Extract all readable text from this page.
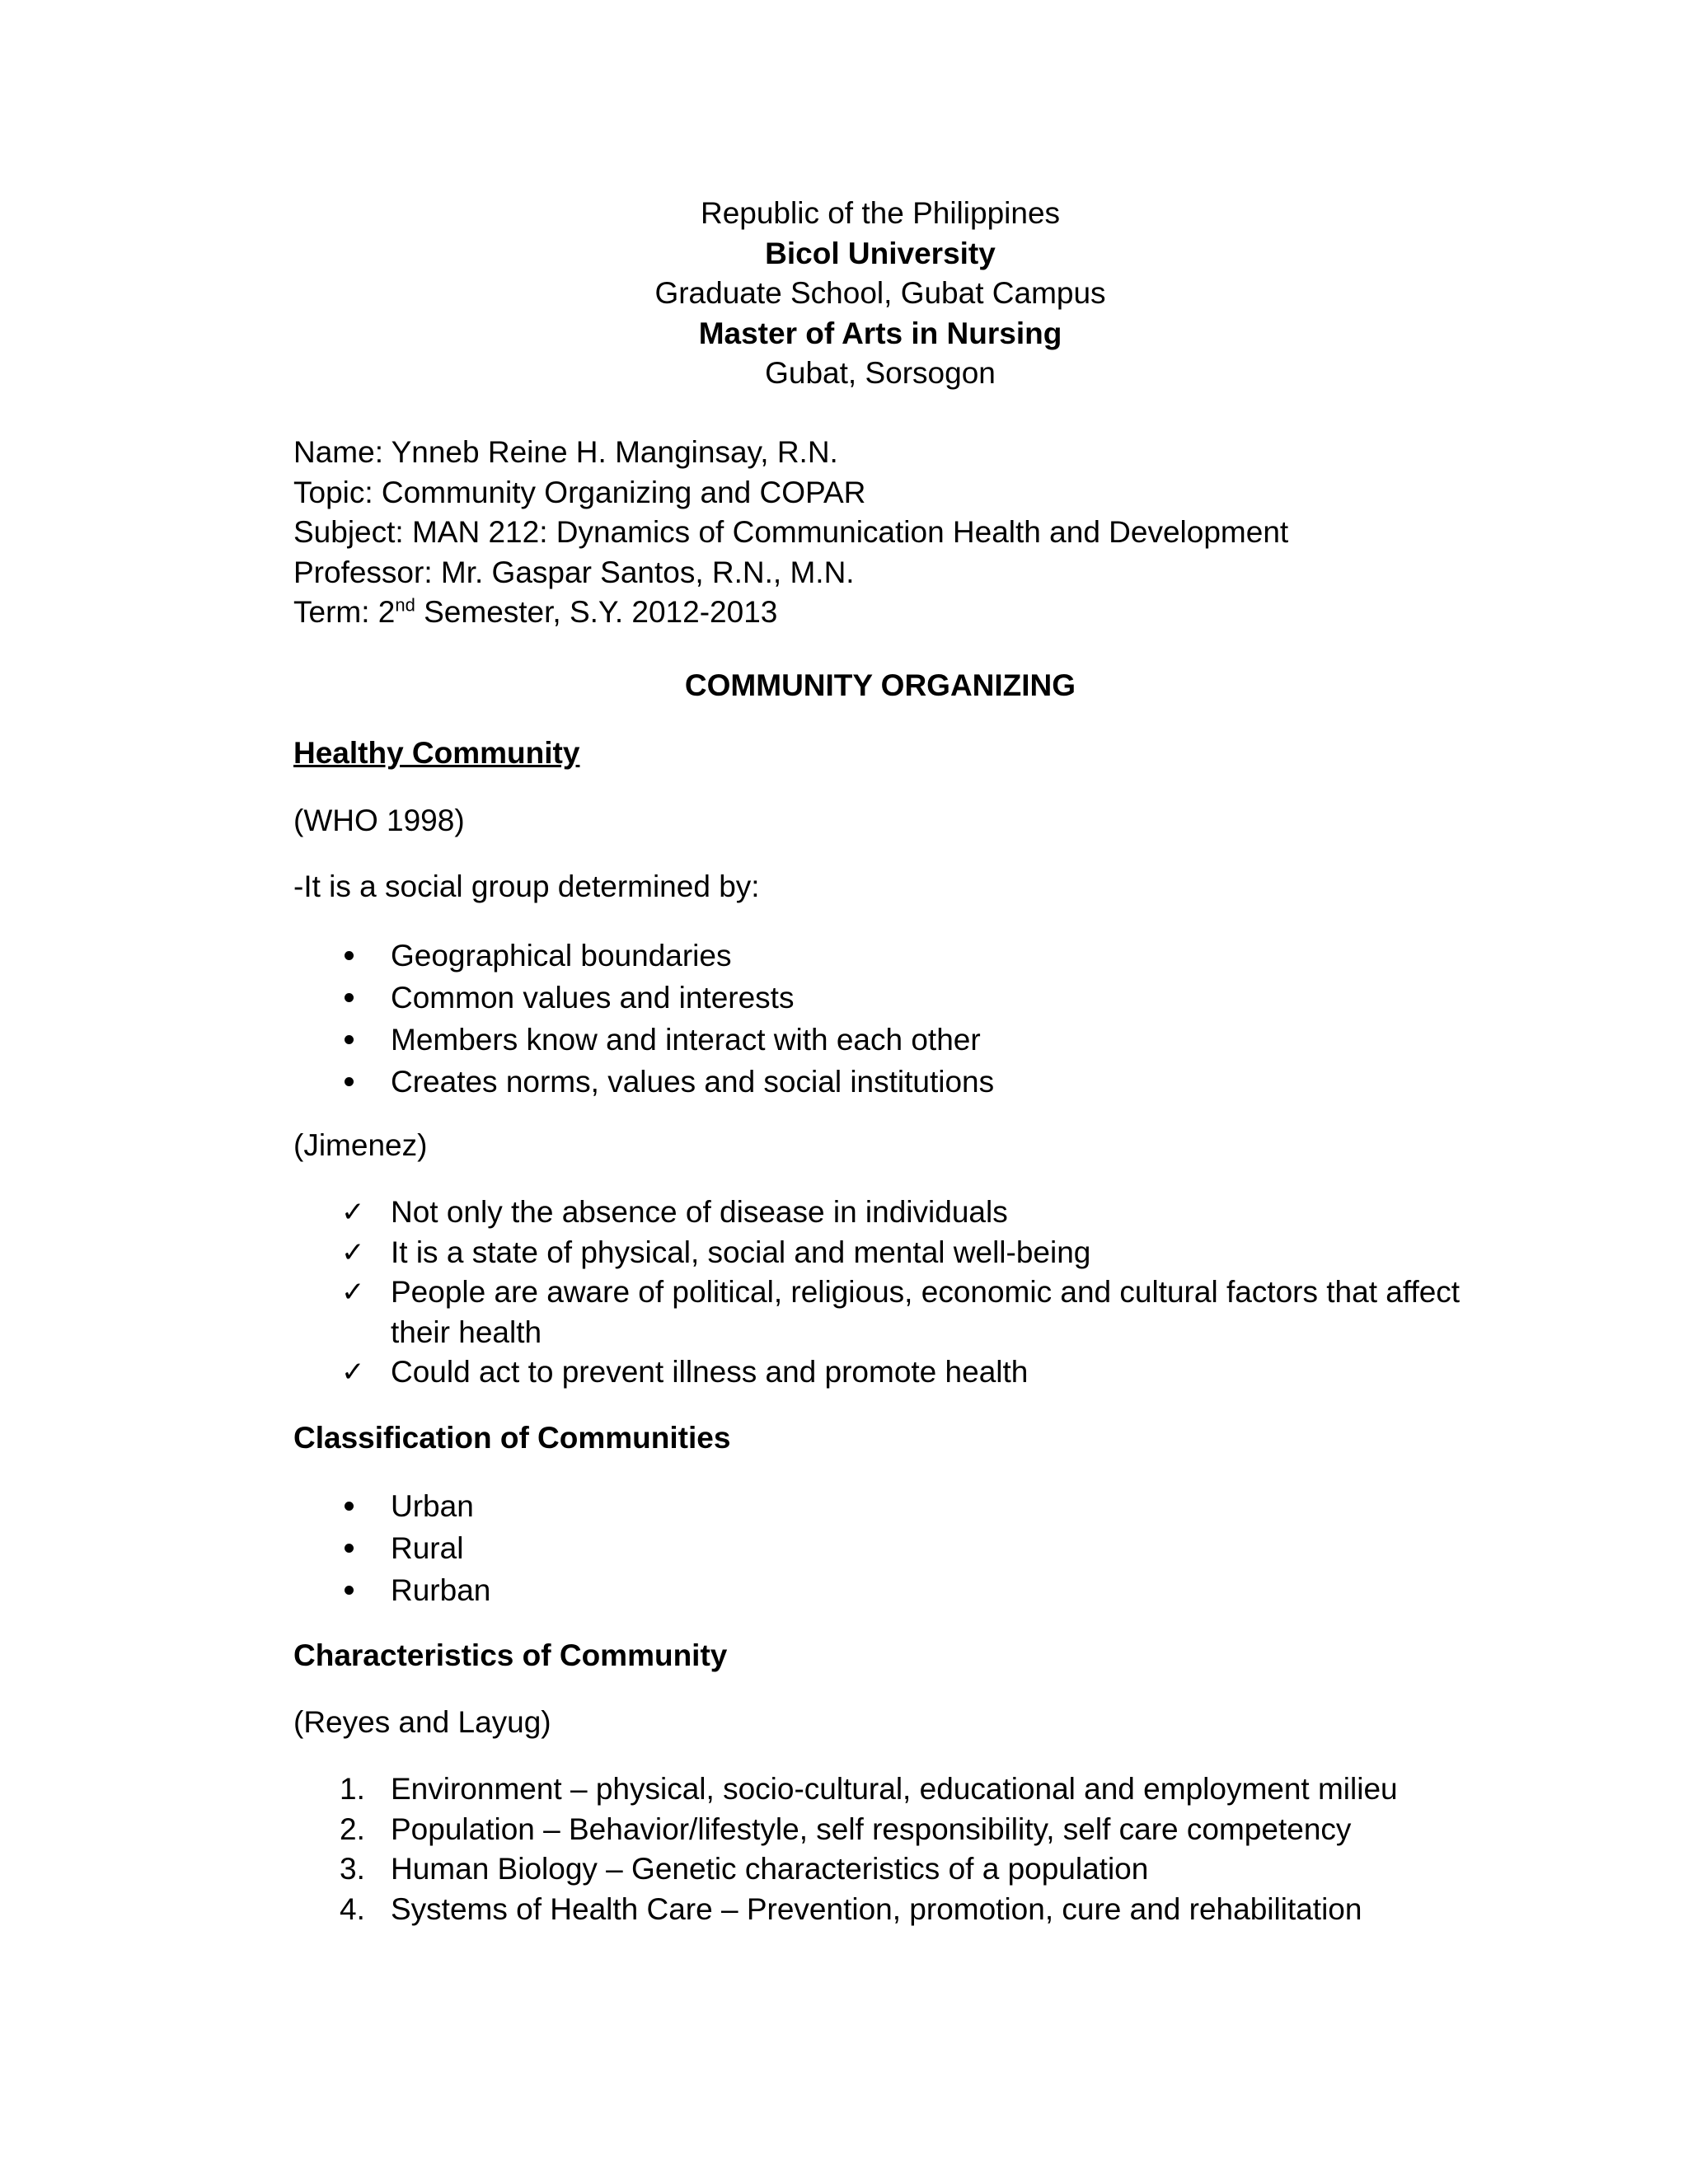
Republic of the Philippines
Bicol University
Graduate School, Gubat Campus
Master of Arts in Nursing
Gubat, Sorsogon
Name: Ynneb Reine H. Manginsay, R.N.
Topic: Community Organizing and COPAR
Subject: MAN 212: Dynamics of Communication Health and Development
Professor: Mr. Gaspar Santos, R.N., M.N.
Term: 2nd Semester, S.Y. 2012-2013
COMMUNITY ORGANIZING
Healthy Community
(WHO 1998)
-It is a social group determined by:
Geographical boundaries
Common values and interests
Members know and interact with each other
Creates norms, values and social institutions
(Jimenez)
✓ Not only the absence of disease in individuals
✓ It is a state of physical, social and mental well-being
✓ People are aware of political, religious, economic and cultural factors that affect their health
✓ Could act to prevent illness and promote health
Classification of Communities
Urban
Rural
Rurban
Characteristics of Community
(Reyes and Layug)
1. Environment – physical, socio-cultural, educational and employment milieu
2. Population – Behavior/lifestyle, self responsibility, self care competency
3. Human Biology – Genetic characteristics of a population
4. Systems of Health Care – Prevention, promotion, cure and rehabilitation
